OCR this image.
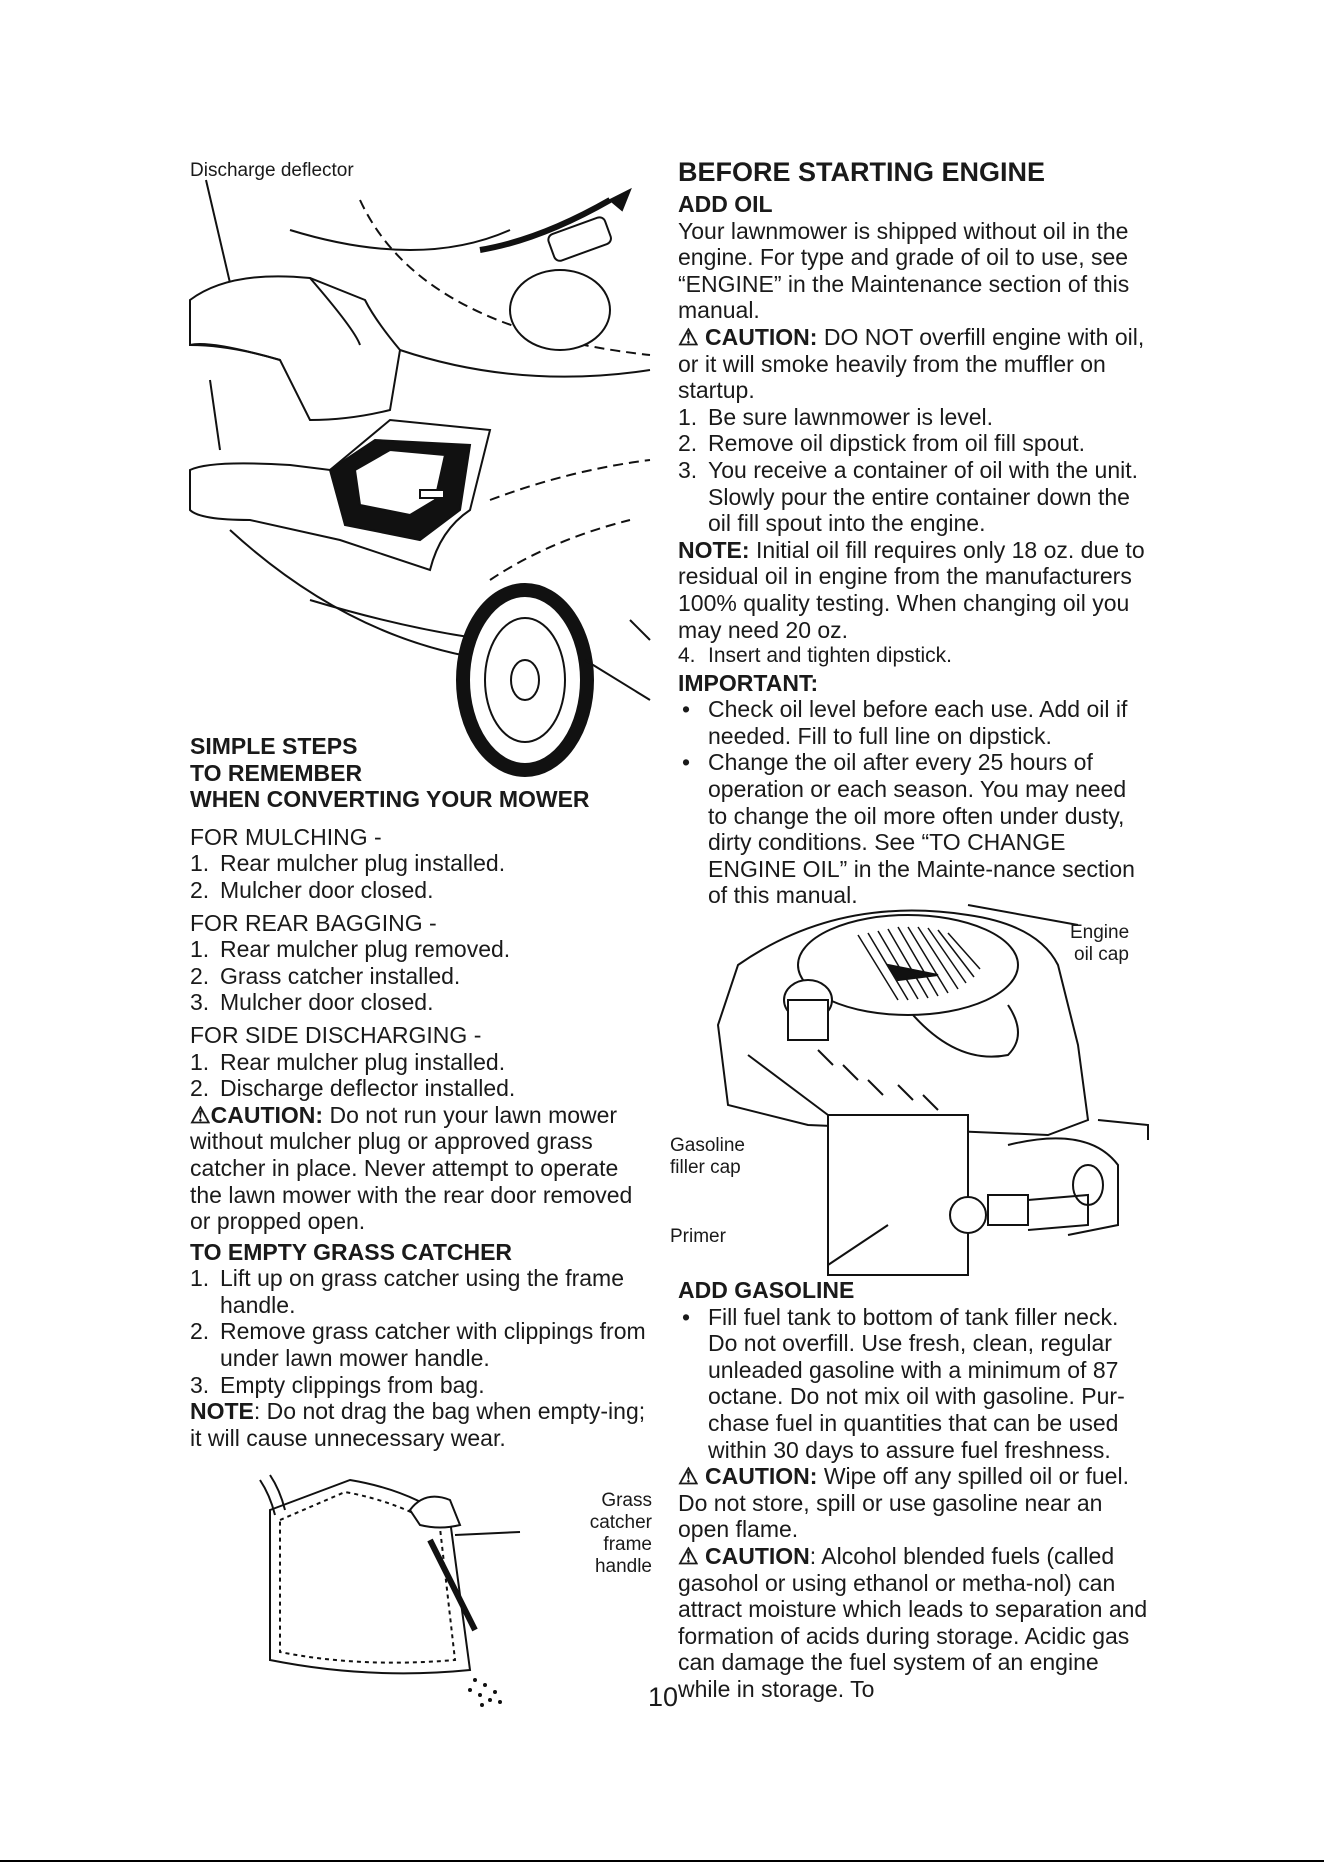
Discharge deflector
SIMPLE STEPS
TO REMEMBER
WHEN CONVERTING YOUR MOWER
FOR MULCHING -
1. Rear mulcher plug installed.
2. Mulcher door closed.
FOR REAR BAGGING -
1. Rear mulcher plug removed.
2. Grass catcher installed.
3. Mulcher door closed.
FOR SIDE DISCHARGING -
1. Rear mulcher plug installed.
2. Discharge deflector installed.

⚠CAUTION: Do not run your lawn mower without mulcher plug or approved grass catcher in place. Never attempt to operate the lawn mower with the rear door removed or propped open.

TO EMPTY GRASS CATCHER
1. Lift up on grass catcher using the frame handle.
2. Remove grass catcher with clippings from under lawn mower handle.
3. Empty clippings from bag.

NOTE: Do not drag the bag when empty-ing; it will cause unnecessary wear.

Grass
catcher
frame
handle
BEFORE STARTING ENGINE
ADD OIL

Your lawnmower is shipped without oil in the engine. For type and grade of oil to use, see “ENGINE” in the Maintenance section of this manual.

⚠ CAUTION: DO NOT overfill engine with oil, or it will smoke heavily from the muffler on startup.

1. Be sure lawnmower is level.
2. Remove oil dipstick from oil fill spout.
3. You receive a container of oil with the unit. Slowly pour the entire container down the oil fill spout into the engine.

NOTE: Initial oil fill requires only 18 oz. due to residual oil in engine from the manufacturers 100% quality testing. When changing oil you may need 20 oz.

4. Insert and tighten dipstick.
IMPORTANT:
• Check oil level before each use. Add oil if needed. Fill to full line on dipstick.
• Change the oil after every 25 hours of operation or each season. You may need to change the oil more often under dusty, dirty conditions. See “TO CHANGE ENGINE OIL” in the Mainte-nance section of this manual.
Engine
oil cap
Gasoline
filler cap
Primer
ADD GASOLINE
• Fill fuel tank to bottom of tank filler neck. Do not overfill. Use fresh, clean, regular unleaded gasoline with a minimum of 87 octane. Do not mix oil with gasoline. Pur-chase fuel in quantities that can be used within 30 days to assure fuel freshness.

⚠ CAUTION: Wipe off any spilled oil or fuel. Do not store, spill or use gasoline near an open flame.

⚠ CAUTION: Alcohol blended fuels (called gasohol or using ethanol or metha-nol) can attract moisture which leads to separation and formation of acids during storage. Acidic gas can damage the fuel system of an engine while in storage. To

10
